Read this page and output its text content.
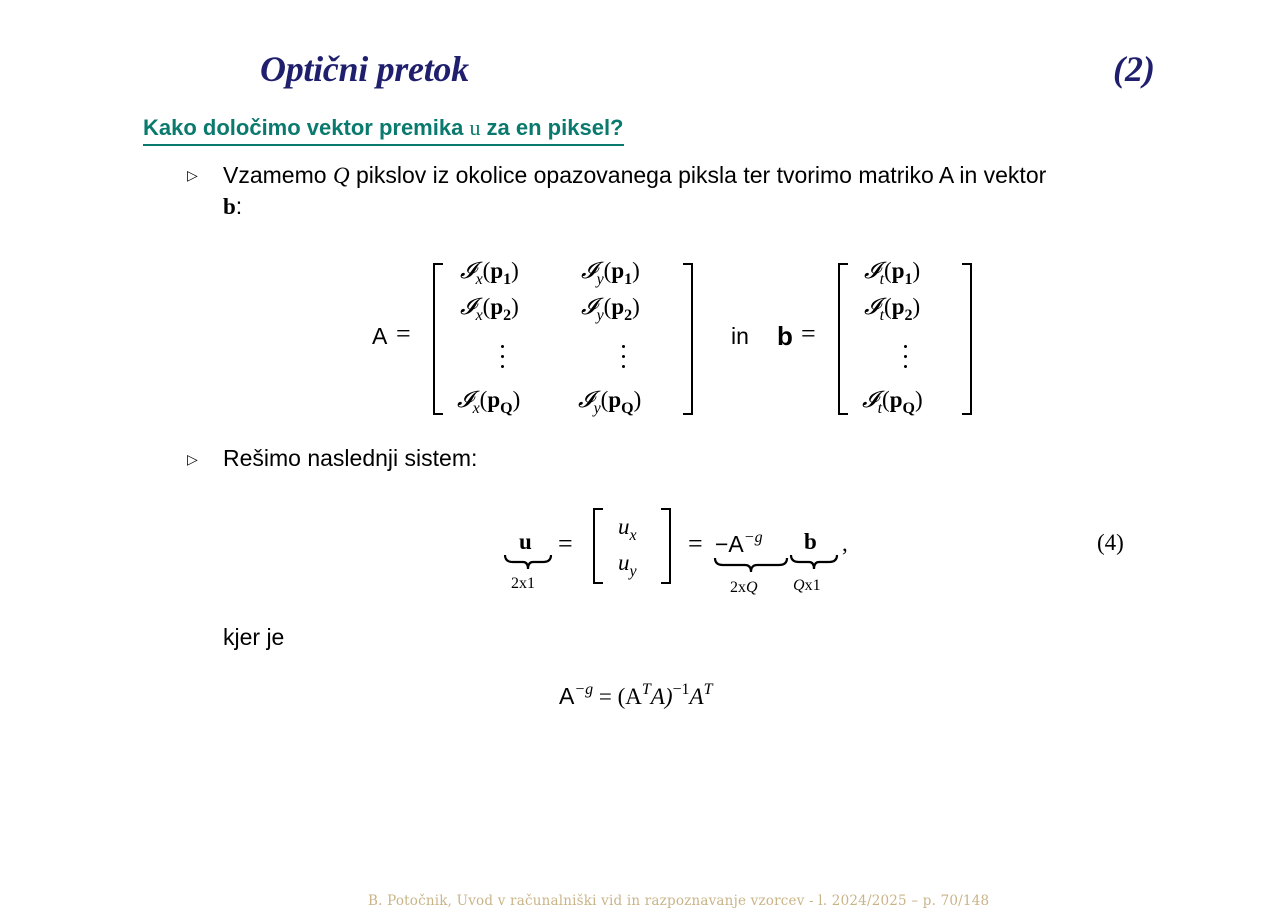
Optični pretok	(2)
Kako določimo vektor premika u za en piksel?
▷ Vzamemo Q pikslov iz okolice opazovanega piksla ter tvorimo matriko A in vektor
b:
A =
$𝓘_x(p_1)$	$𝓘_y(p_1)$
$𝓘_x(p_2)$	$𝓘_y(p_2)$
$𝓘_x(p_Q)$	$𝓘_y(p_Q)$
in b =
$𝓘_t(p_1)$
$𝓘_t(p_2)$
$𝓘_t(p_Q)$
▷ Rešimo naslednji sistem:
u
2x1
=
$u_x$
$u_y$
= $-A^{-g}$
2xQ
b
Qx1
,	(4)
kjer je
$A^{-g} = (A^TA)^{-1}A^T$
B. Potočnik, Uvod v računalniški vid in razpoznavanje vzorcev - l. 2024/2025 – p. 70/148
